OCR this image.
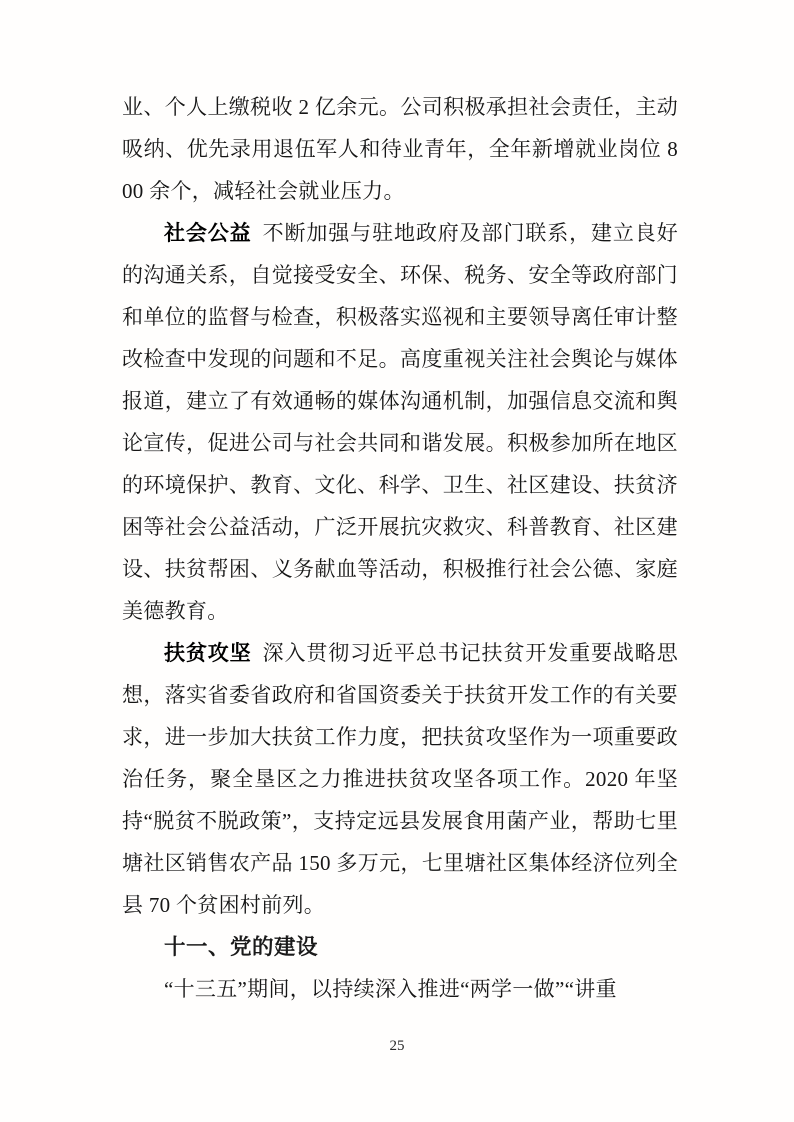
业、个人上缴税收 2 亿余元。公司积极承担社会责任，主动吸纳、优先录用退伍军人和待业青年，全年新增就业岗位 800 余个，减轻社会就业压力。

社会公益 不断加强与驻地政府及部门联系，建立良好的沟通关系，自觉接受安全、环保、税务、安全等政府部门和单位的监督与检查，积极落实巡视和主要领导离任审计整改检查中发现的问题和不足。高度重视关注社会舆论与媒体报道，建立了有效通畅的媒体沟通机制，加强信息交流和舆论宣传，促进公司与社会共同和谐发展。积极参加所在地区的环境保护、教育、文化、科学、卫生、社区建设、扶贫济困等社会公益活动，广泛开展抗灾救灾、科普教育、社区建设、扶贫帮困、义务献血等活动，积极推行社会公德、家庭美德教育。

扶贫攻坚 深入贯彻习近平总书记扶贫开发重要战略思想，落实省委省政府和省国资委关于扶贫开发工作的有关要求，进一步加大扶贫工作力度，把扶贫攻坚作为一项重要政治任务，聚全垦区之力推进扶贫攻坚各项工作。2020 年坚持“脱贫不脱政策”，支持定远县发展食用菌产业，帮助七里塘社区销售农产品 150 多万元，七里塘社区集体经济位列全县 70 个贫困村前列。

十一、党的建设

“十三五”期间，以持续深入推进“两学一做”“讲重

25
